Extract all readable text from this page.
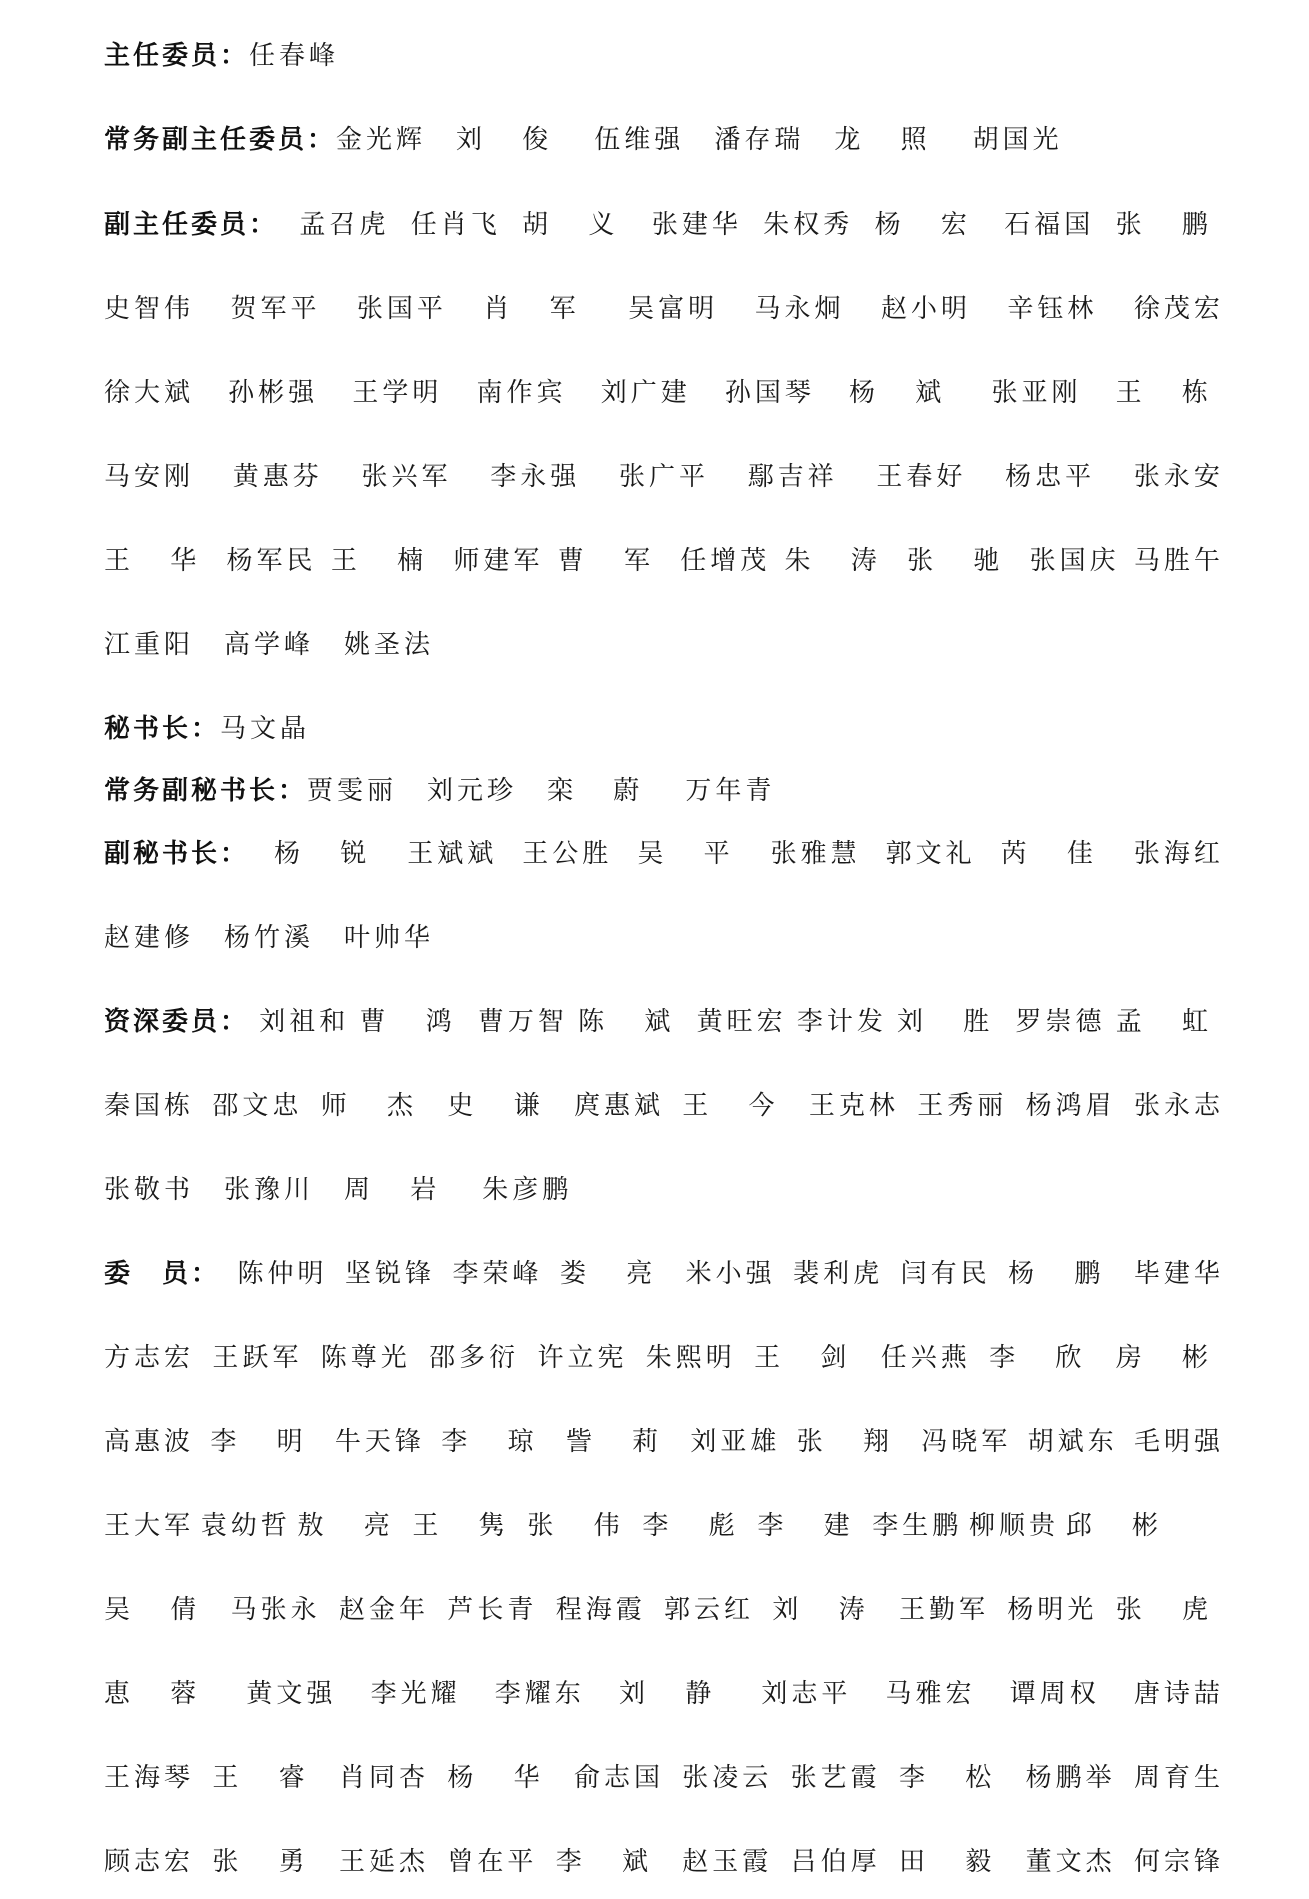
主任委员： 任春峰
常务副主任委员： 金光辉 刘 俊 伍维强 潘存瑞 龙 照 胡国光
副主任委员： 孟召虎 任肖飞 胡 义 张建华 朱权秀 杨 宏 石福国 张 鹏
史智伟 贺军平 张国平 肖 军 吴富明 马永炯 赵小明 辛钰林 徐茂宏
徐大斌 孙彬强 王学明 南作宾 刘广建 孙国琴 杨 斌 张亚刚 王 栋
马安刚 黄惠芬 张兴军 李永强 张广平 鄢吉祥 王春好 杨忠平 张永安
王 华 杨军民 王 楠 师建军 曹 军 任增茂 朱 涛 张 驰 张国庆 马胜午
江重阳 高学峰 姚圣法
秘书长： 马文晶
常务副秘书长： 贾雯丽 刘元珍 栾 蔚 万年青
副秘书长： 杨 锐 王斌斌 王公胜 吴 平 张雅慧 郭文礼 芮 佳 张海红
赵建修 杨竹溪 叶帅华
资深委员： 刘祖和 曹 鸿 曹万智 陈 斌 黄旺宏 李计发 刘 胜 罗崇德 孟 虹
秦国栋 邵文忠 师 杰 史 谦 庹惠斌 王 今 王克林 王秀丽 杨鸿眉 张永志
张敬书 张豫川 周 岩 朱彦鹏
委　员： 陈仲明 坚锐锋 李荣峰 娄 亮 米小强 裴利虎 闫有民 杨 鹏 毕建华
方志宏 王跃军 陈尊光 邵多衍 许立宪 朱熙明 王 剑 任兴燕 李 欣 房 彬
高惠波 李 明 牛天锋 李 琼 訾 莉 刘亚雄 张 翔 冯晓军 胡斌东 毛明强
王大军 袁幼哲 敖 亮 王 隽 张 伟 李 彪 李 建 李生鹏 柳顺贵 邱 彬
吴 倩 马张永 赵金年 芦长青 程海霞 郭云红 刘 涛 王勤军 杨明光 张 虎
恵 蓉 黄文强 李光耀 李耀东 刘 静 刘志平 马雅宏 谭周权 唐诗喆
王海琴 王 睿 肖同杏 杨 华 俞志国 张凌云 张艺霞 李 松 杨鹏举 周育生
顾志宏 张 勇 王延杰 曾在平 李 斌 赵玉霞 吕伯厚 田 毅 董文杰 何宗锋
